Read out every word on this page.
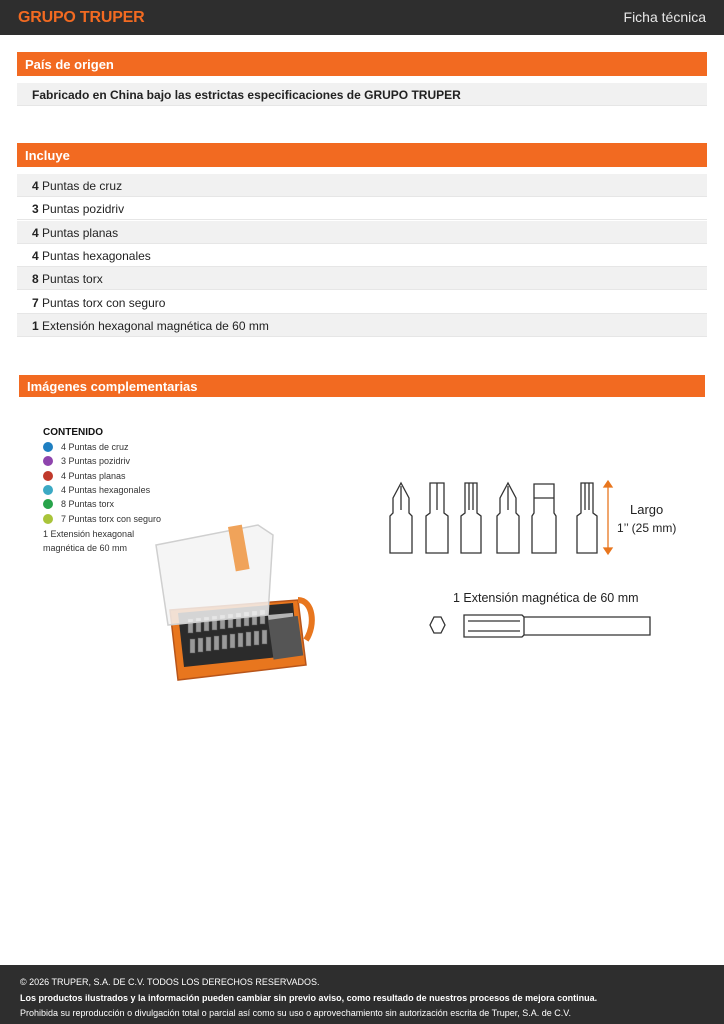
GRUPO TRUPER	Ficha técnica
País de origen
Fabricado en China bajo las estrictas especificaciones de GRUPO TRUPER
Incluye
4 Puntas de cruz
3 Puntas pozidriv
4 Puntas planas
4 Puntas hexagonales
8 Puntas torx
7 Puntas torx con seguro
1 Extensión hexagonal magnética de 60 mm
Imágenes complementarias
CONTENIDO
4 Puntas de cruz
3 Puntas pozidriv
4 Puntas planas
4 Puntas hexagonales
8 Puntas torx
7 Puntas torx con seguro
1 Extensión hexagonal
magnética de 60 mm
Largo
1’’ (25 mm)
1 Extensión magnética de 60 mm
© 2026 TRUPER, S.A. DE C.V. TODOS LOS DERECHOS RESERVADOS.
Los productos ilustrados y la información pueden cambiar sin previo aviso, como resultado de nuestros procesos de mejora continua.
Prohibida su reproducción o divulgación total o parcial así como su uso o aprovechamiento sin autorización escrita de Truper, S.A. de C.V.
